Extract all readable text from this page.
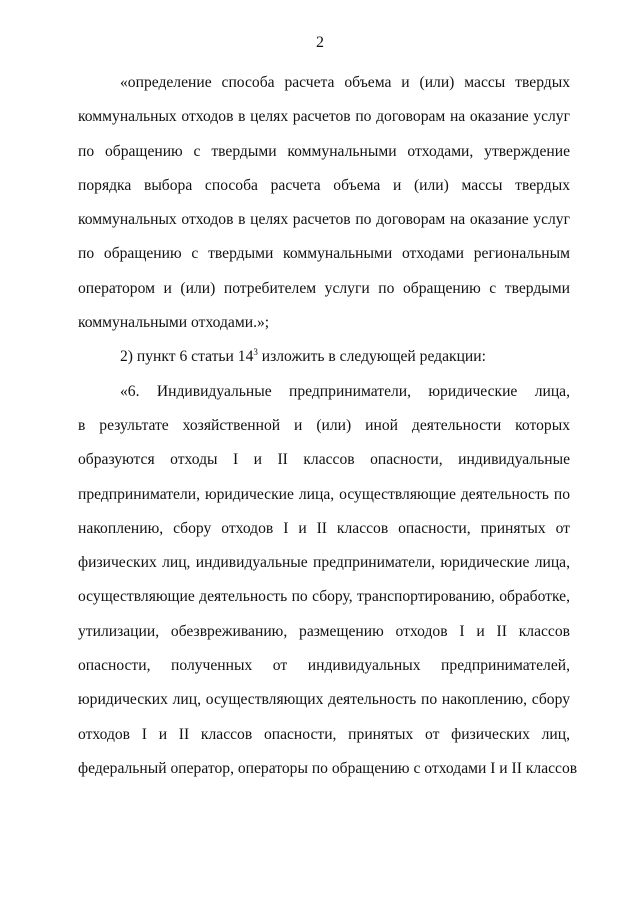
2
«определение способа расчета объема и (или) массы твердых
коммунальных отходов в целях расчетов по договорам на оказание услуг
по обращению с твердыми коммунальными отходами, утверждение
порядка выбора способа расчета объема и (или) массы твердых
коммунальных отходов в целях расчетов по договорам на оказание услуг
по обращению с твердыми коммунальными отходами региональным
оператором и (или) потребителем услуги по обращению с твердыми
коммунальными отходами.»;
2) пункт 6 статьи $14^3$ изложить в следующей редакции:
«6. Индивидуальные предприниматели, юридические лица,
в результате хозяйственной и (или) иной деятельности которых
образуются отходы I и II классов опасности, индивидуальные
предприниматели, юридические лица, осуществляющие деятельность по
накоплению, сбору отходов I и II классов опасности, принятых от
физических лиц, индивидуальные предприниматели, юридические лица,
осуществляющие деятельность по сбору, транспортированию, обработке,
утилизации, обезвреживанию, размещению отходов I и II классов
опасности, полученных от индивидуальных предпринимателей,
юридических лиц, осуществляющих деятельность по накоплению, сбору
отходов I и II классов опасности, принятых от физических лиц,
федеральный оператор, операторы по обращению с отходами I и II классов
